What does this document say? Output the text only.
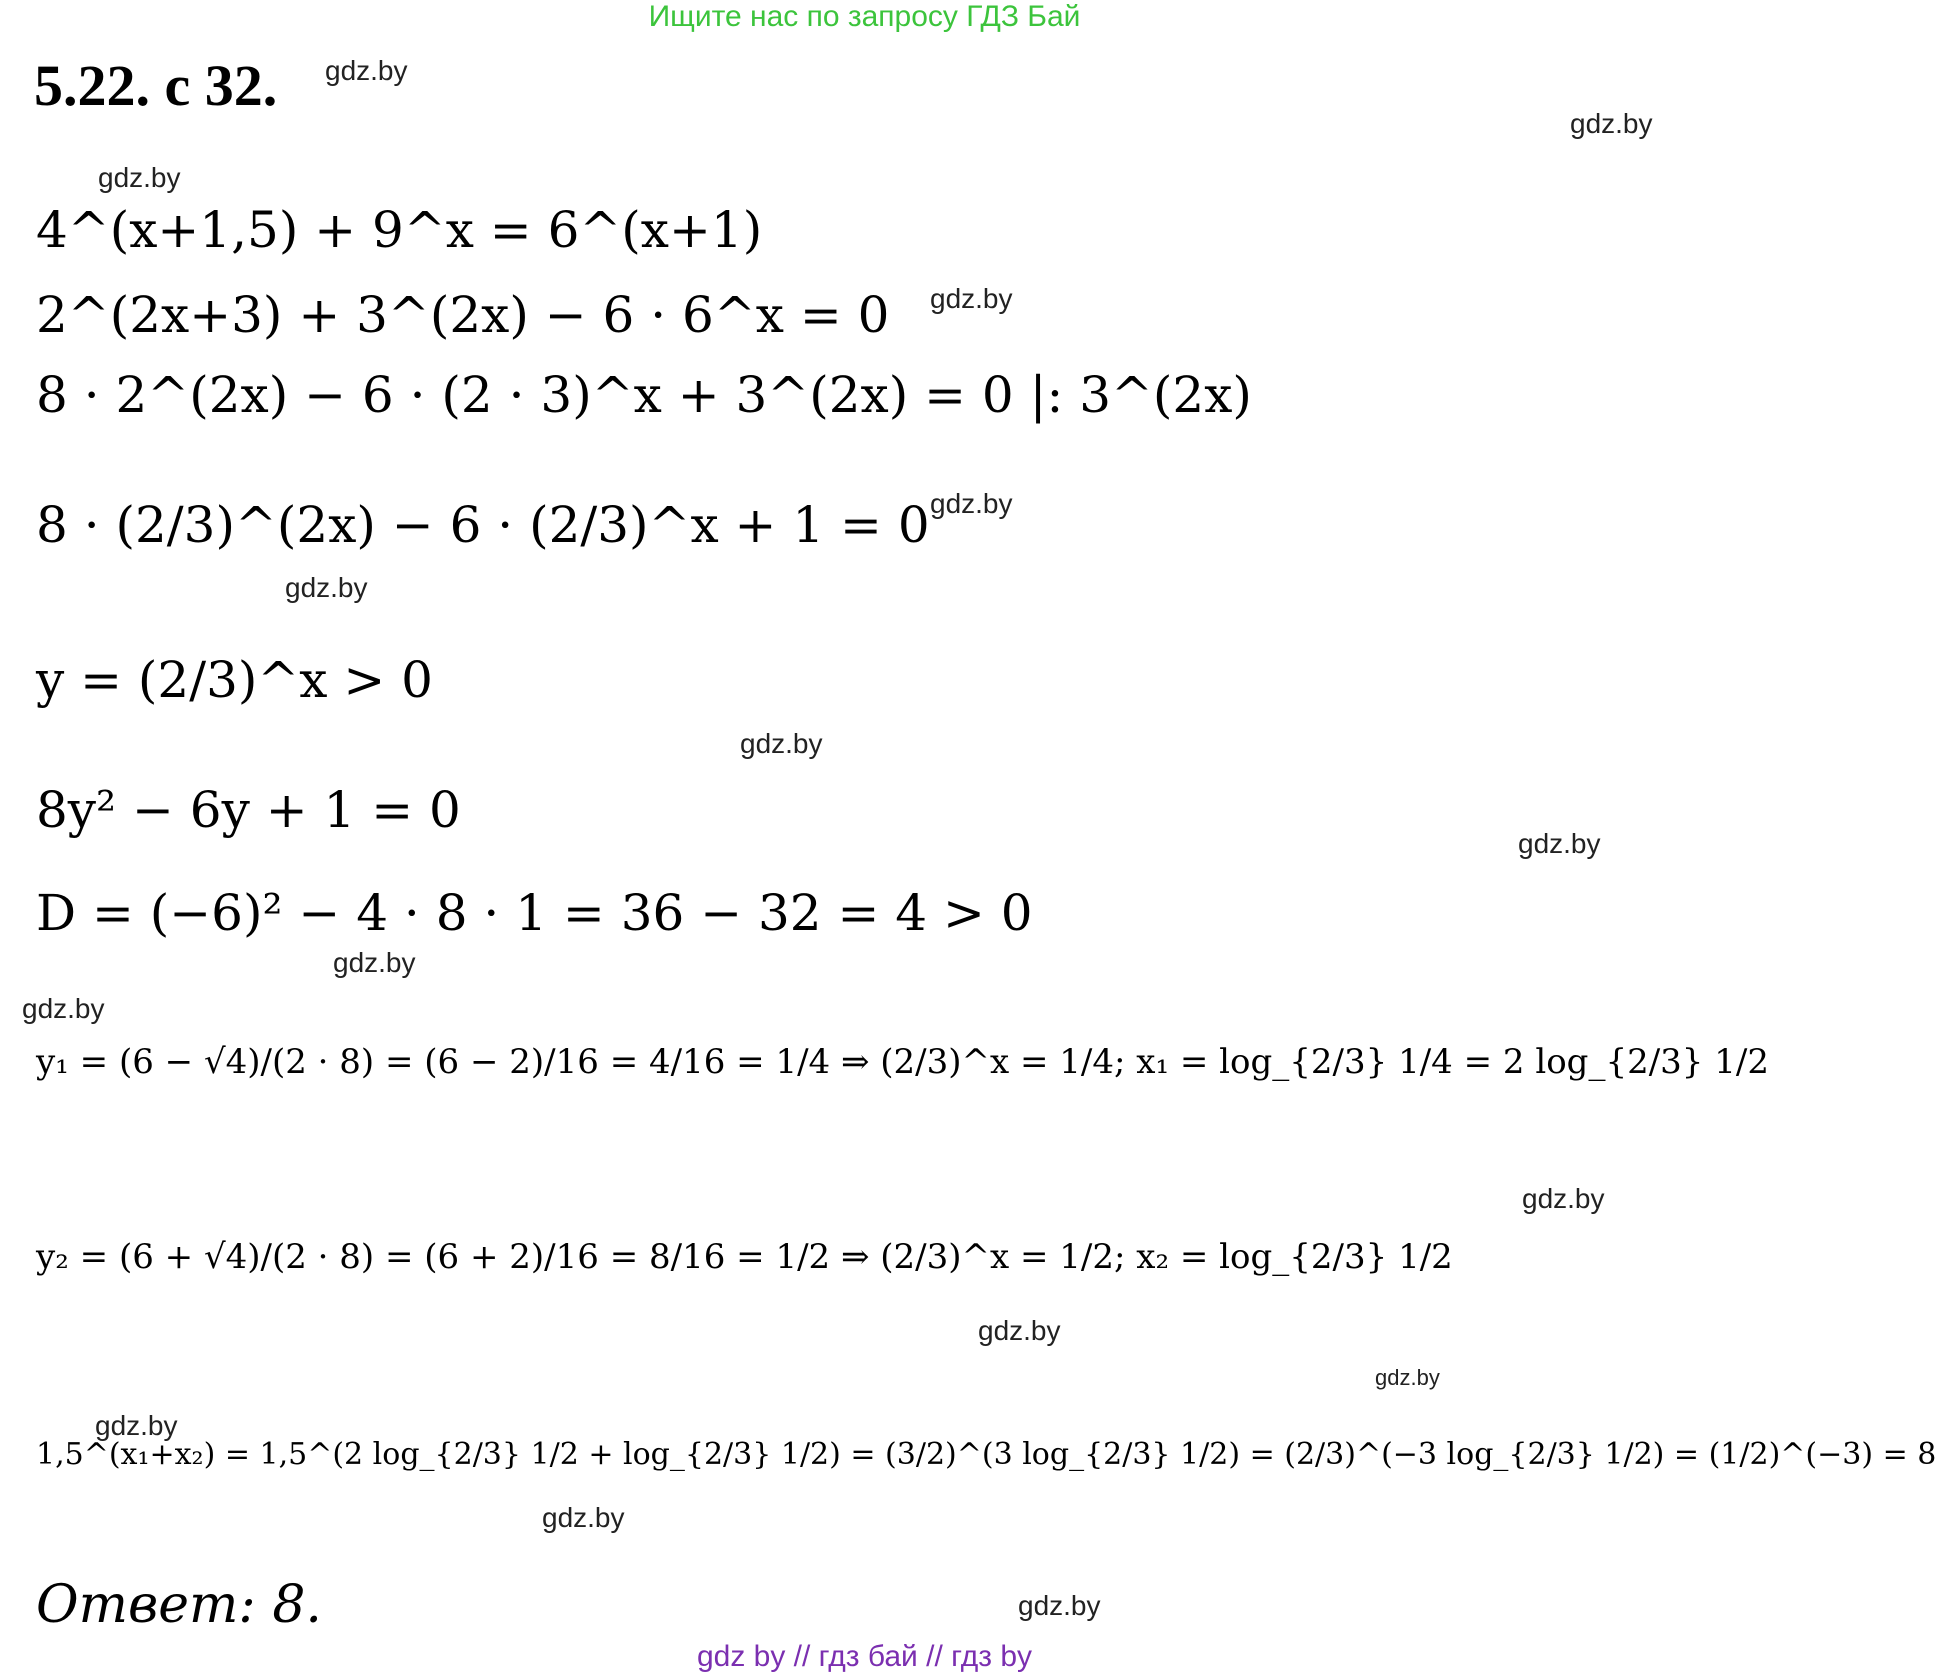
Ищите нас по запросу ГДЗ Бай
5.22. с 32. gdz.by
gdz.by
gdz.by
gdz.by
gdz.by
gdz.by
gdz.by
gdz.by
gdz.by
gdz.by
gdz.by
gdz.by
gdz.by
gdz.by
gdz.by
gdz.by
4^(x+1,5) + 9^x = 6^(x+1)
2^(2x+3) + 3^(2x) − 6 · 6^x = 0
8 · 2^(2x) − 6 · (2 · 3)^x + 3^(2x) = 0 |: 3^(2x)
8 · (2/3)^(2x) − 6 · (2/3)^x + 1 = 0
y = (2/3)^x > 0
8y² − 6y + 1 = 0
D = (−6)² − 4 · 8 · 1 = 36 − 32 = 4 > 0
y₁ = (6 − √4)/(2 · 8) = (6 − 2)/16 = 4/16 = 1/4 ⇒ (2/3)^x = 1/4; x₁ = log_{2/3} 1/4 = 2 log_{2/3} 1/2
y₂ = (6 + √4)/(2 · 8) = (6 + 2)/16 = 8/16 = 1/2 ⇒ (2/3)^x = 1/2; x₂ = log_{2/3} 1/2
1,5^(x₁+x₂) = 1,5^(2 log_{2/3} 1/2 + log_{2/3} 1/2) = (3/2)^(3 log_{2/3} 1/2) = (2/3)^(−3 log_{2/3} 1/2) = (1/2)^(−3) = 8
Ответ: 8.
gdz by // гдз бай // гдз by
